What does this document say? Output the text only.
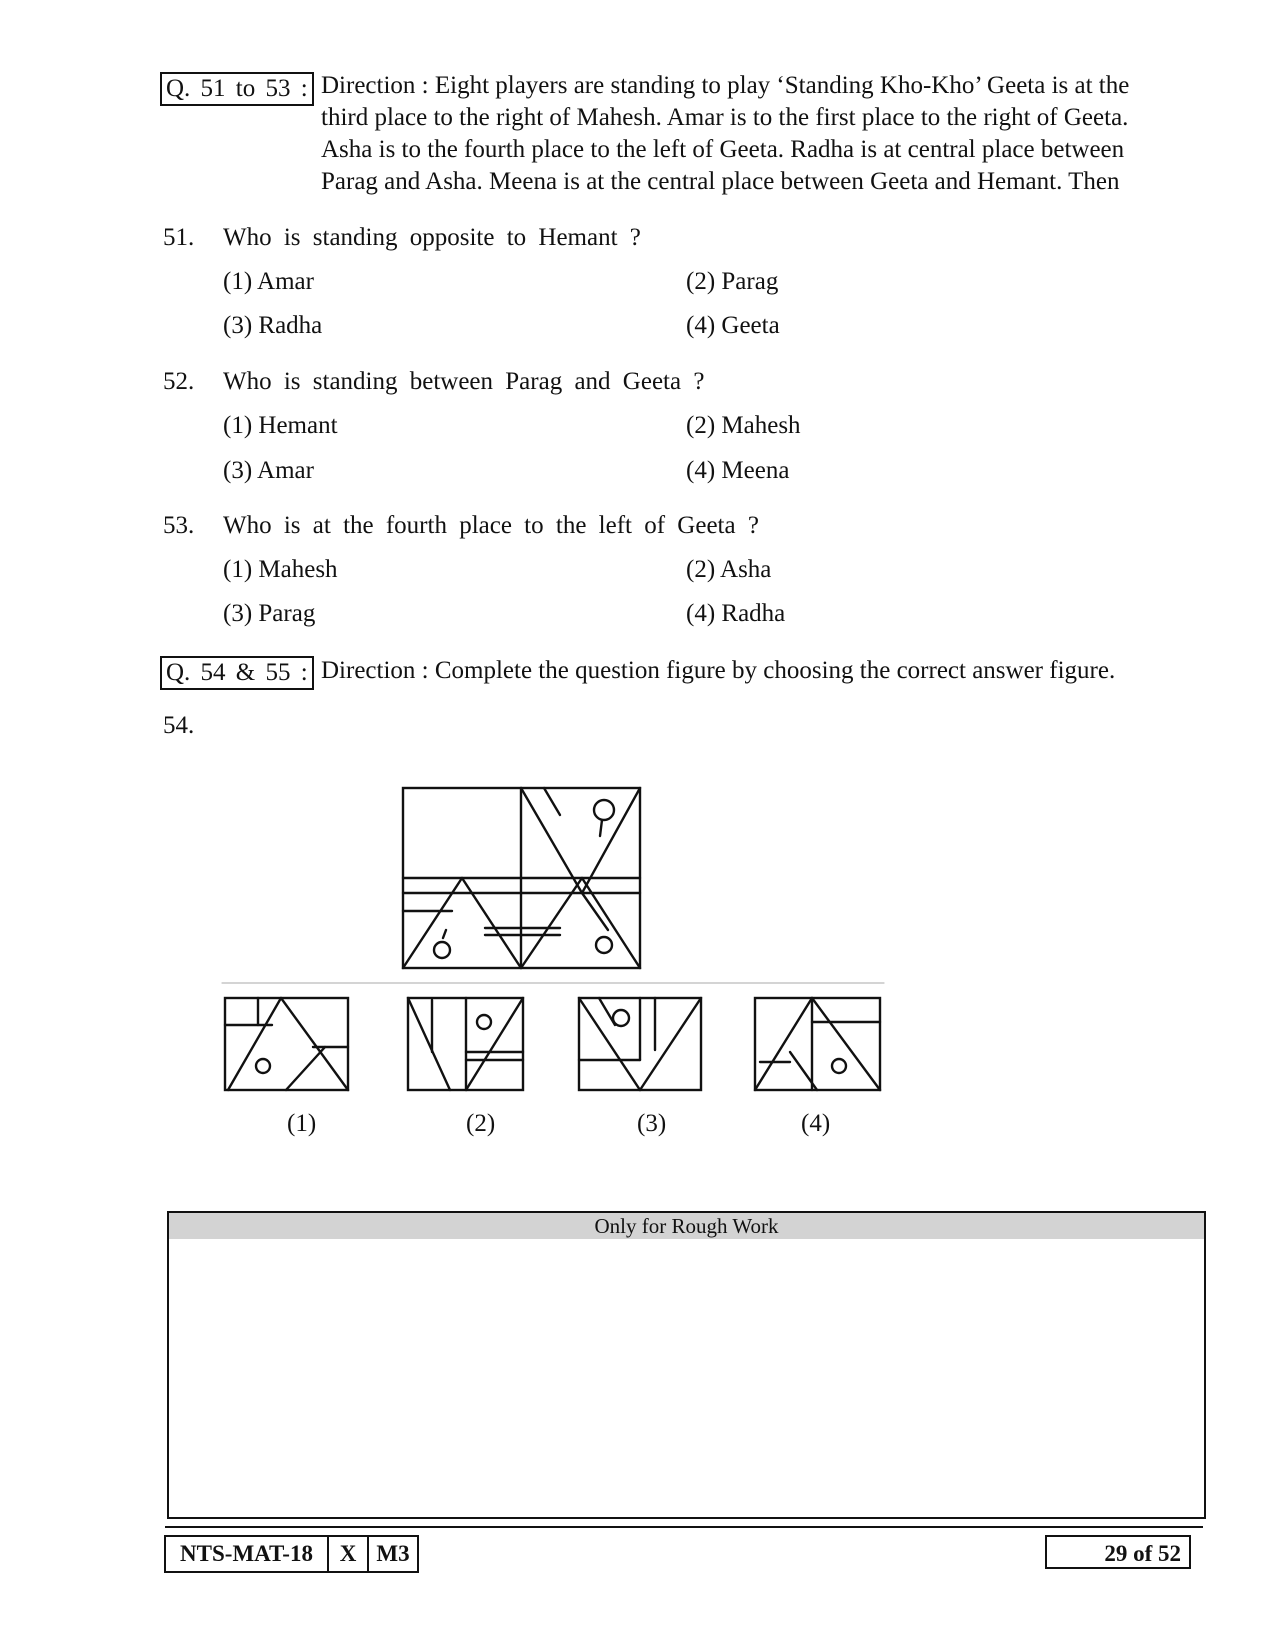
Q. 51 to 53 : Direction : Eight players are standing to play ‘Standing Kho-Kho’ Geeta is at the
third place to the right of Mahesh. Amar is to the first place to the right of Geeta.
Asha is to the fourth place to the left of Geeta. Radha is at central place between
Parag and Asha. Meena is at the central place between Geeta and Hemant. Then
51. Who is standing opposite to Hemant ?
(1) Amar	(2) Parag
(3) Radha	(4) Geeta
52. Who is standing between Parag and Geeta ?
(1) Hemant	(2) Mahesh
(3) Amar	(4) Meena
53. Who is at the fourth place to the left of Geeta ?
(1) Mahesh	(2) Asha
(3) Parag	(4) Radha
Q. 54 & 55 : Direction : Complete the question figure by choosing the correct answer figure.
54.
(1)	(2)	(3)	(4)
Only for Rough Work
NTS-MAT-18	X M3	29 of 52
